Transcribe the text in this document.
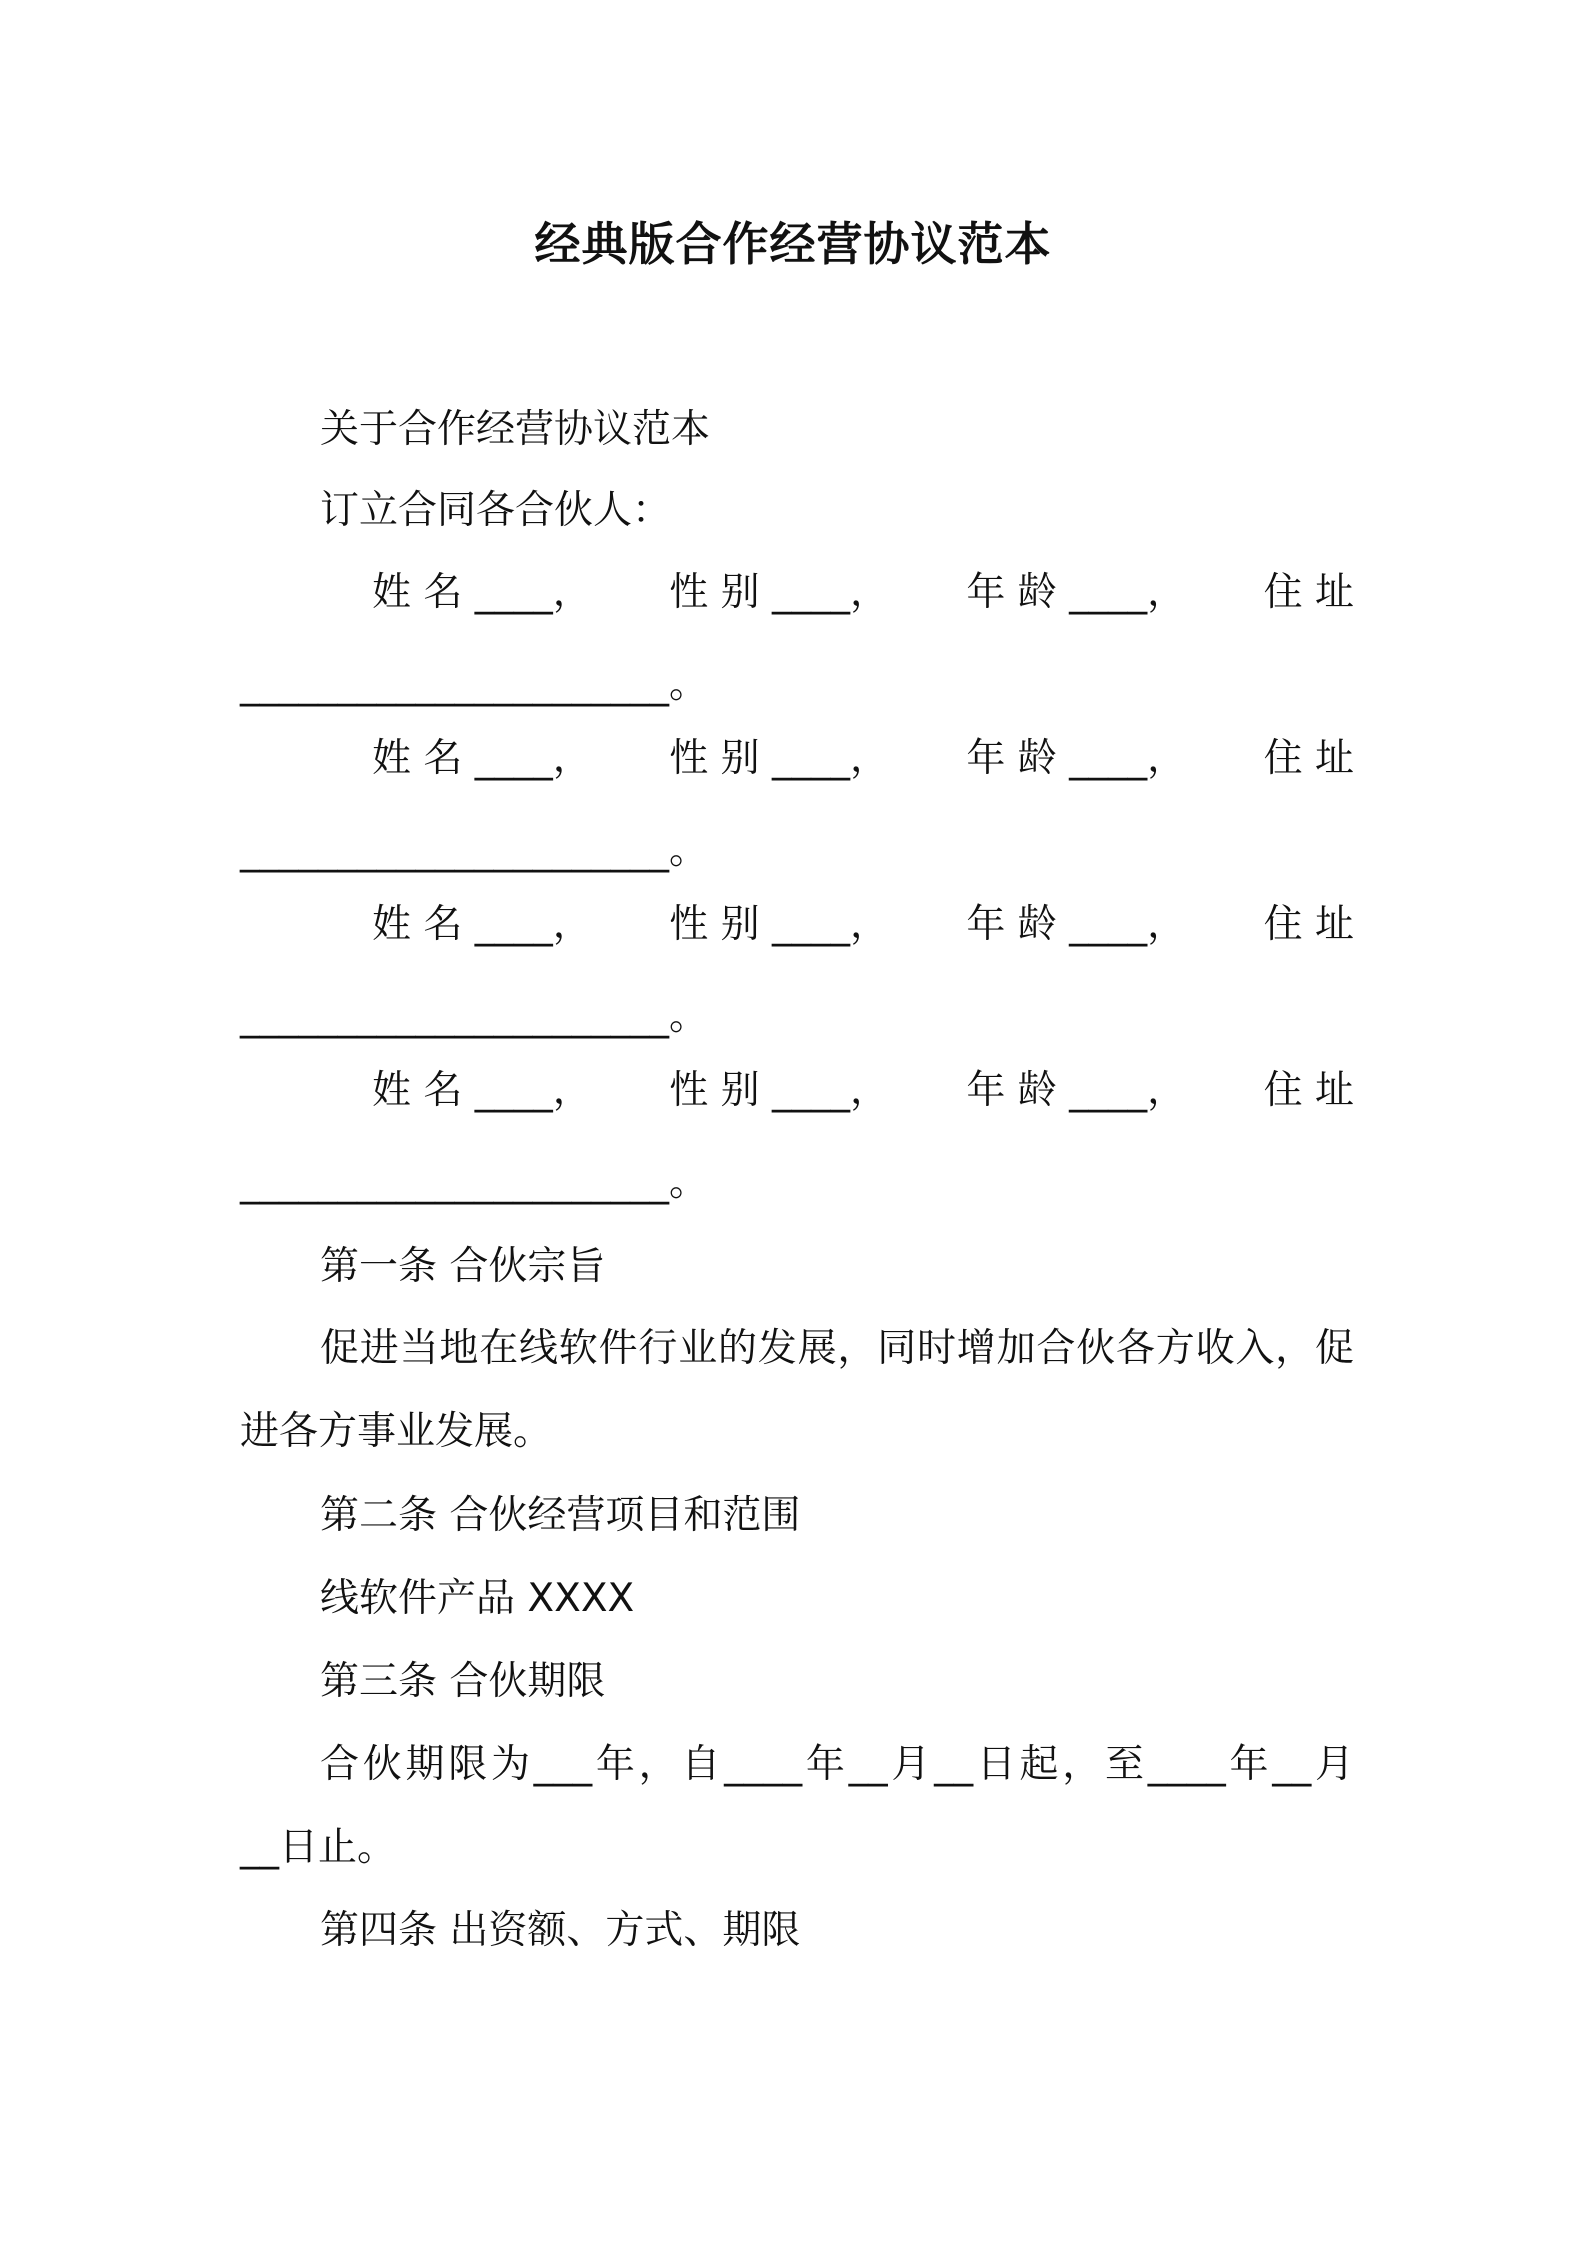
经典版合作经营协议范本
关于合作经营协议范本
订立合同各合伙人：
姓 名 ____， 性 别 ____， 年 龄 ____， 住 址
______________________。
姓 名 ____， 性 别 ____， 年 龄 ____， 住 址
______________________。
姓 名 ____， 性 别 ____， 年 龄 ____， 住 址
______________________。
姓 名 ____， 性 别 ____， 年 龄 ____， 住 址
______________________。
第一条 合伙宗旨
促进当地在线软件行业的发展，同时增加合伙各方收入，促
进各方事业发展。
第二条 合伙经营项目和范围
线软件产品 XXXX
第三条 合伙期限
合伙期限为___年，自____年__月__日起，至____年__月
__日止。
第四条 出资额、方式、期限
